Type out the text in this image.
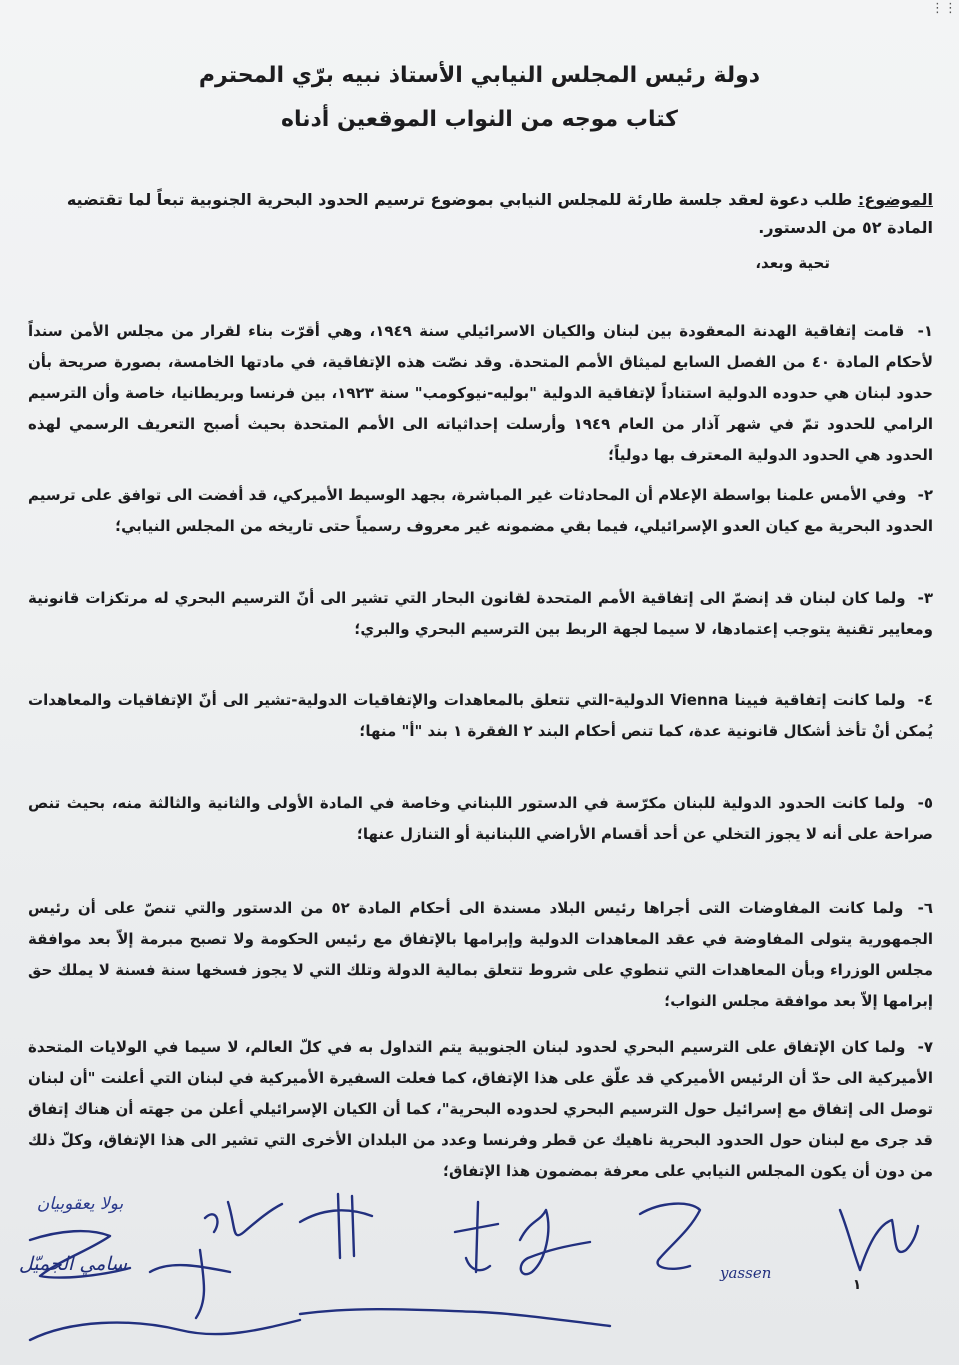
⋮⋮

دولة رئيس المجلس النيابي الأستاذ نبيه برّي المحترم

كتاب موجه من النواب الموقعين أدناه

الموضوع: طلب دعوة لعقد جلسة طارئة للمجلس النيابي بموضوع ترسيم الحدود البحرية الجنوبية تبعاً لما تقتضيه المادة ٥٢ من الدستور.
تحية وبعد،
١- قامت إتفاقية الهدنة المعقودة بين لبنان والكيان الاسرائيلي سنة ١٩٤٩، وهي أقرّت بناء لقرار من مجلس الأمن سنداً لأحكام المادة ٤٠ من الفصل السابع لميثاق الأمم المتحدة. وقد نصّت هذه الإتفاقية، في مادتها الخامسة، بصورة صريحة بأن حدود لبنان هي حدوده الدولية استناداً لإتفاقية الدولية "بوليه-نيوكومب" سنة ١٩٢٣، بين فرنسا وبريطانيا، خاصة وأن الترسيم الرامي للحدود تمّ في شهر آذار من العام ١٩٤٩ وأرسلت إحداثياته الى الأمم المتحدة بحيث أصبح التعريف الرسمي لهذه الحدود هي الحدود الدولية المعترف بها دولياً؛
٢- وفي الأمس علمنا بواسطة الإعلام أن المحادثات غير المباشرة، بجهد الوسيط الأميركي، قد أفضت الى توافق على ترسيم الحدود البحرية مع كيان العدو الإسرائيلي، فيما بقي مضمونه غير معروف رسمياً حتى تاريخه من المجلس النيابي؛
٣- ولما كان لبنان قد إنضمّ الى إتفاقية الأمم المتحدة لقانون البحار التي تشير الى أنّ الترسيم البحري له مرتكزات قانونية ومعايير تقنية يتوجب إعتمادها، لا سيما لجهة الربط بين الترسيم البحري والبري؛
٤- ولما كانت إتفاقية فيينا Vienna الدولية-التي تتعلق بالمعاهدات والإتفاقيات الدولية-تشير الى أنّ الإتفاقيات والمعاهدات يُمكن أنْ تأخذ أشكال قانونية عدة، كما تنص أحكام البند ٢ الفقرة ١ بند "أ" منها؛
٥- ولما كانت الحدود الدولية للبنان مكرّسة في الدستور اللبناني وخاصة في المادة الأولى والثانية والثالثة منه، بحيث تنص صراحة على أنه لا يجوز التخلي عن أحد أقسام الأراضي اللبنانية أو التنازل عنها؛
٦- ولما كانت المفاوضات التى أجراها رئيس البلاد مسندة الى أحكام المادة ٥٢ من الدستور والتي تنصّ على أن رئيس الجمهورية يتولى المفاوضة في عقد المعاهدات الدولية وإبرامها بالإتفاق مع رئيس الحكومة ولا تصبح مبرمة إلاّ بعد موافقة مجلس الوزراء وبأن المعاهدات التي تنطوي على شروط تتعلق بمالية الدولة وتلك التي لا يجوز فسخها سنة فسنة لا يملك حق إبرامها إلاّ بعد موافقة مجلس النواب؛
٧- ولما كان الإتفاق على الترسيم البحري لحدود لبنان الجنوبية يتم التداول به في كلّ العالم، لا سيما في الولايات المتحدة الأميركية الى حدّ أن الرئيس الأميركي قد علّق على هذا الإتفاق، كما فعلت السفيرة الأميركية في لبنان التي أعلنت "أن لبنان توصل الى إتفاق مع إسرائيل حول الترسيم البحري لحدوده البحرية"، كما أن الكيان الإسرائيلي أعلن من جهته أن هناك إتفاق قد جرى مع لبنان حول الحدود البحرية ناهيك عن قطر وفرنسا وعدد من البلدان الأخرى التي تشير الى هذا الإتفاق، وكلّ ذلك من دون أن يكون المجلس النيابي على معرفة بمضمون هذا الإتفاق؛
بولا يعقوبيان
سامي الجميّل	yassen
١
